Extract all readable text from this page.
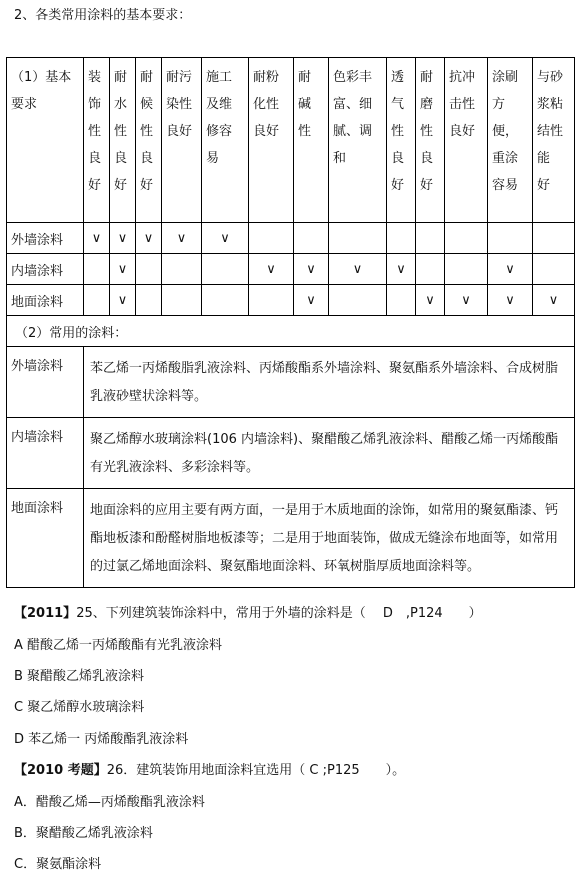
2、各类常用涂料的基本要求：
（1）基本
要求	装
饰
性
良
好	耐
水
性
良
好	耐
候
性
良
好	耐污
染性
良好	施工
及维
修容
易	耐粉
化性
良好	耐
碱
性	色彩丰
富、细
腻、调
和	透
气
性
良
好	耐
磨
性
良
好	抗冲
击性
良好	涂刷
方
便，
重涂
容易	与砂
浆粘
结性
能
好

外墙涂料	∨	∨	∨	∨	∨								
内墙涂料		∨				∨	∨	∨	∨			∨	
地面涂料		∨					∨			∨	∨	∨	∨
（2）常用的涂料：													
外墙涂料	苯乙烯一丙烯酸脂乳液涂料、丙烯酸酯系外墙涂料、聚氨酯系外墙涂料、合成树脂乳液砂壁状涂料等。												
内墙涂料	聚乙烯醇水玻璃涂料(106 内墙涂料)、聚醋酸乙烯乳液涂料、醋酸乙烯一丙烯酸酯有光乳液涂料、多彩涂料等。												
地面涂料	地面涂料的应用主要有两方面，一是用于木质地面的涂饰，如常用的聚氨酯漆、钙酯地板漆和酚醛树脂地板漆等；二是用于地面装饰，做成无缝涂布地面等，如常用的过氯乙烯地面涂料、聚氨酯地面涂料、环氧树脂厚质地面涂料等。												
【2011】25、下列建筑装饰涂料中，常用于外墙的涂料是（　 D　,P124　　）
A 醋酸乙烯一丙烯酸酯有光乳液涂料
B 聚醋酸乙烯乳液涂料
C 聚乙烯醇水玻璃涂料
D 苯乙烯一 丙烯酸酯乳液涂料
【2010 考题】26．建筑装饰用地面涂料宜选用（ C ;P125　　）。
A．醋酸乙烯—丙烯酸酯乳液涂料
B．聚醋酸乙烯乳液涂料
C．聚氨酯涂料
